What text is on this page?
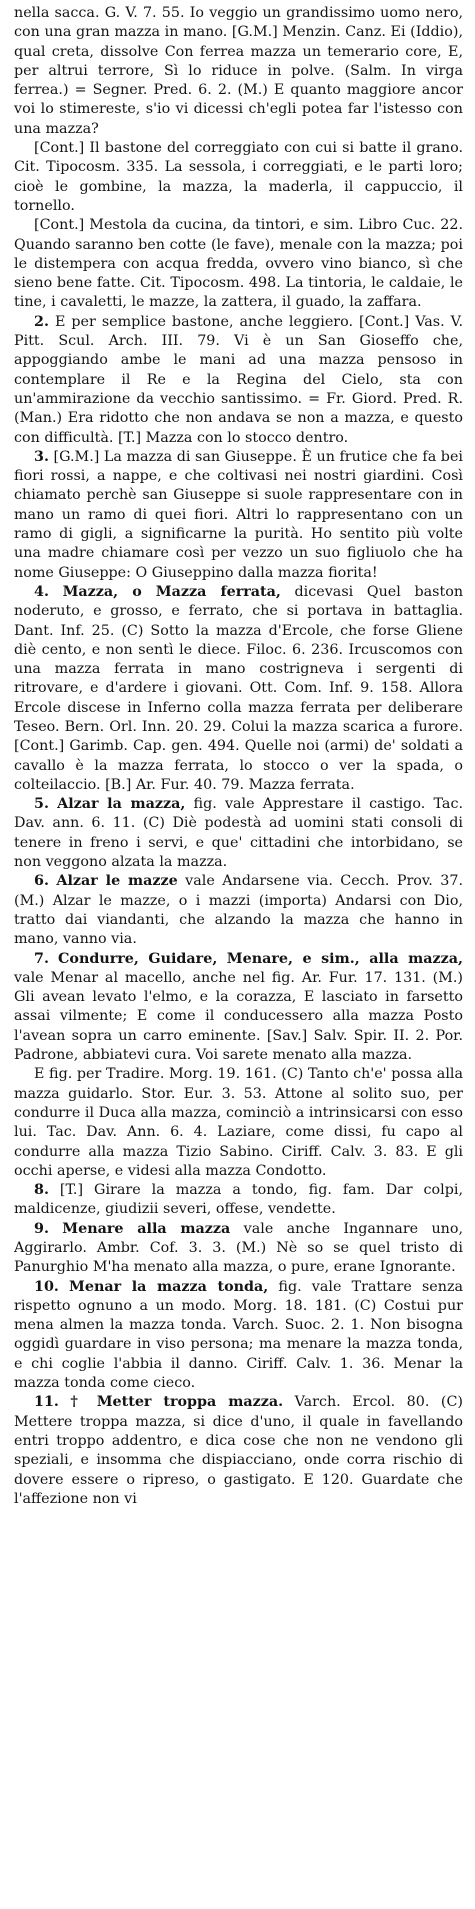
nella sacca. G. V. 7. 55. Io veggio un grandissimo uomo nero, con una gran mazza in mano. [G.M.] Menzin. Canz. Ei (Iddio), qual creta, dissolve Con ferrea mazza un temerario core, E, per altrui terrore, Sì lo riduce in polve. (Salm. In virga ferrea.) = Segner. Pred. 6. 2. (M.) E quanto maggiore ancor voi lo stimereste, s'io vi dicessi ch'egli potea far l'istesso con una mazza?

[Cont.] Il bastone del correggiato con cui si batte il grano. Cit. Tipocosm. 335. La sessola, i correggiati, e le parti loro; cioè le gombine, la mazza, la maderla, il cappuccio, il tornello.

[Cont.] Mestola da cucina, da tintori, e sim. Libro Cuc. 22. Quando saranno ben cotte (le fave), menale con la mazza; poi le distempera con acqua fredda, ovvero vino bianco, sì che sieno bene fatte. Cit. Tipocosm. 498. La tintoria, le caldaie, le tine, i cavaletti, le mazze, la zattera, il guado, la zaffara.

2. E per semplice bastone, anche leggiero. [Cont.] Vas. V. Pitt. Scul. Arch. III. 79. Vi è un San Gioseffo che, appoggiando ambe le mani ad una mazza pensoso in contemplare il Re e la Regina del Cielo, sta con un'ammirazione da vecchio santissimo. = Fr. Giord. Pred. R. (Man.) Era ridotto che non andava se non a mazza, e questo con difficultà. [T.] Mazza con lo stocco dentro.

3. [G.M.] La mazza di san Giuseppe. È un frutice che fa bei fiori rossi, a nappe, e che coltivasi nei nostri giardini. Così chiamato perchè san Giuseppe si suole rappresentare con in mano un ramo di quei fiori. Altri lo rappresentano con un ramo di gigli, a significarne la purità. Ho sentito più volte una madre chiamare così per vezzo un suo figliuolo che ha nome Giuseppe: O Giuseppino dalla mazza fiorita!

4. Mazza, o Mazza ferrata, dicevasi Quel baston noderuto, e grosso, e ferrato, che si portava in battaglia. Dant. Inf. 25. (C) Sotto la mazza d'Ercole, che forse Gliene diè cento, e non sentì le diece. Filoc. 6. 236. Ircuscomos con una mazza ferrata in mano costrigneva i sergenti di ritrovare, e d'ardere i giovani. Ott. Com. Inf. 9. 158. Allora Ercole discese in Inferno colla mazza ferrata per deliberare Teseo. Bern. Orl. Inn. 20. 29. Colui la mazza scarica a furore. [Cont.] Garimb. Cap. gen. 494. Quelle noi (armi) de' soldati a cavallo è la mazza ferrata, lo stocco o ver la spada, o colteilaccio. [B.] Ar. Fur. 40. 79. Mazza ferrata.

5. Alzar la mazza, fig. vale Apprestare il castigo. Tac. Dav. ann. 6. 11. (C) Diè podestà ad uomini stati consoli di tenere in freno i servi, e que' cittadini che intorbidano, se non veggono alzata la mazza.

6. Alzar le mazze vale Andarsene via. Cecch. Prov. 37. (M.) Alzar le mazze, o i mazzi (importa) Andarsi con Dio, tratto dai viandanti, che alzando la mazza che hanno in mano, vanno via.

7. Condurre, Guidare, Menare, e sim., alla mazza, vale Menar al macello, anche nel fig. Ar. Fur. 17. 131. (M.) Gli avean levato l'elmo, e la corazza, E lasciato in farsetto assai vilmente; E come il conducessero alla mazza Posto l'avean sopra un carro eminente. [Sav.] Salv. Spir. II. 2. Por. Padrone, abbiatevi cura. Voi sarete menato alla mazza.

E fig. per Tradire. Morg. 19. 161. (C) Tanto ch'e' possa alla mazza guidarlo. Stor. Eur. 3. 53. Attone al solito suo, per condurre il Duca alla mazza, cominciò a intrinsicarsi con esso lui. Tac. Dav. Ann. 6. 4. Laziare, come dissi, fu capo al condurre alla mazza Tizio Sabino. Ciriff. Calv. 3. 83. E gli occhi aperse, e videsi alla mazza Condotto.

8. [T.] Girare la mazza a tondo, fig. fam. Dar colpi, maldicenze, giudizii severi, offese, vendette.

9. Menare alla mazza vale anche Ingannare uno, Aggirarlo. Ambr. Cof. 3. 3. (M.) Nè so se quel tristo di Panurghio M'ha menato alla mazza, o pure, erane Ignorante.

10. Menar la mazza tonda, fig. vale Trattare senza rispetto ognuno a un modo. Morg. 18. 181. (C) Costui pur mena almen la mazza tonda. Varch. Suoc. 2. 1. Non bisogna oggidì guardare in viso persona; ma menare la mazza tonda, e chi coglie l'abbia il danno. Ciriff. Calv. 1. 36. Menar la mazza tonda come cieco.

11. † Metter troppa mazza. Varch. Ercol. 80. (C) Mettere troppa mazza, si dice d'uno, il quale in favellando entri troppo addentro, e dica cose che non ne vendono gli speziali, e insomma che dispiacciano, onde corra rischio di dovere essere o ripreso, o gastigato. E 120. Guardate che l'affezione non vi
